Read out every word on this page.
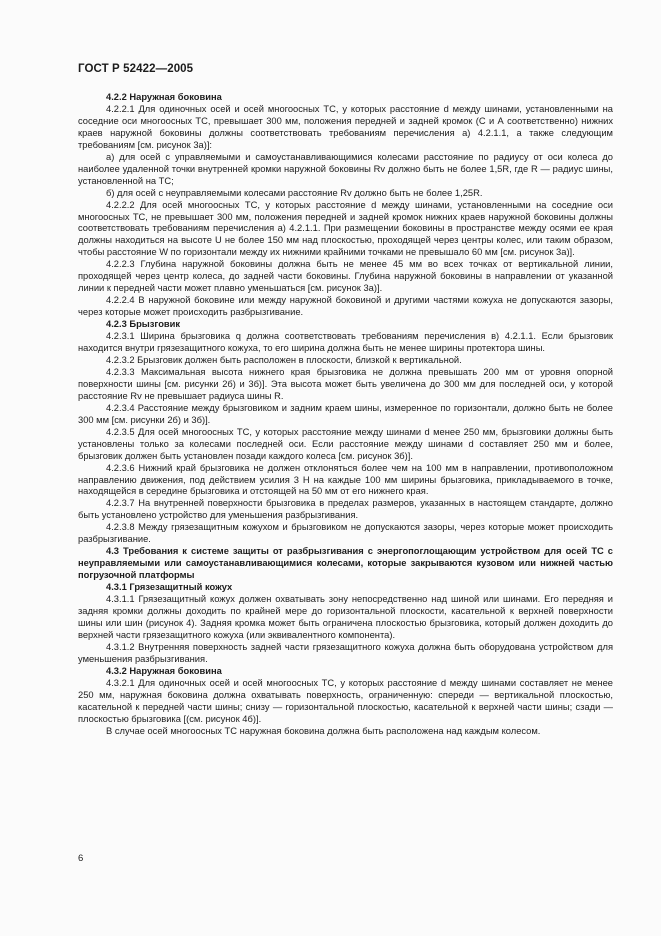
ГОСТ Р 52422—2005

4.2.2 Наружная боковина

4.2.2.1 Для одиночных осей и осей многоосных ТС, у которых расстояние d между шинами, установленными на соседние оси многоосных ТС, превышает 300 мм, положения передней и задней кромок (С и А соответственно) нижних краев наружной боковины должны соответствовать требованиям перечисления а) 4.2.1.1, а также следующим требованиям [см. рисунок 3а)]:

а) для осей с управляемыми и самоустанавливающимися колесами расстояние по радиусу от оси колеса до наиболее удаленной точки внутренней кромки наружной боковины Rv должно быть не более 1,5R, где R — радиус шины, установленной на ТС;

б) для осей с неуправляемыми колесами расстояние Rv должно быть не более 1,25R.

4.2.2.2 Для осей многоосных ТС, у которых расстояние d между шинами, установленными на соседние оси многоосных ТС, не превышает 300 мм, положения передней и задней кромок нижних краев наружной боковины должны соответствовать требованиям перечисления а) 4.2.1.1. При размещении боковины в пространстве между осями ее края должны находиться на высоте U не более 150 мм над плоскостью, проходящей через центры колес, или таким образом, чтобы расстояние W по горизонтали между их нижними крайними точками не превышало 60 мм [см. рисунок 3а)].

4.2.2.3 Глубина наружной боковины должна быть не менее 45 мм во всех точках от вертикальной линии, проходящей через центр колеса, до задней части боковины. Глубина наружной боковины в направлении от указанной линии к передней части может плавно уменьшаться [см. рисунок 3а)].

4.2.2.4 В наружной боковине или между наружной боковиной и другими частями кожуха не допускаются зазоры, через которые может происходить разбрызгивание.

4.2.3 Брызговик

4.2.3.1 Ширина брызговика q должна соответствовать требованиям перечисления в) 4.2.1.1. Если брызговик находится внутри грязезащитного кожуха, то его ширина должна быть не менее ширины протектора шины.

4.2.3.2 Брызговик должен быть расположен в плоскости, близкой к вертикальной.

4.2.3.3 Максимальная высота нижнего края брызговика не должна превышать 200 мм от уровня опорной поверхности шины [см. рисунки 2б) и 3б)]. Эта высота может быть увеличена до 300 мм для последней оси, у которой расстояние Rv не превышает радиуса шины R.

4.2.3.4 Расстояние между брызговиком и задним краем шины, измеренное по горизонтали, должно быть не более 300 мм [см. рисунки 2б) и 3б)].

4.2.3.5 Для осей многоосных ТС, у которых расстояние между шинами d менее 250 мм, брызговики должны быть установлены только за колесами последней оси. Если расстояние между шинами d составляет 250 мм и более, брызговик должен быть установлен позади каждого колеса [см. рисунок 3б)].

4.2.3.6 Нижний край брызговика не должен отклоняться более чем на 100 мм в направлении, противоположном направлению движения, под действием усилия 3 Н на каждые 100 мм ширины брызговика, прикладываемого в точке, находящейся в середине брызговика и отстоящей на 50 мм от его нижнего края.

4.2.3.7 На внутренней поверхности брызговика в пределах размеров, указанных в настоящем стандарте, должно быть установлено устройство для уменьшения разбрызгивания.

4.2.3.8 Между грязезащитным кожухом и брызговиком не допускаются зазоры, через которые может происходить разбрызгивание.

4.3 Требования к системе защиты от разбрызгивания с энергопоглощающим устройством для осей ТС с неуправляемыми или самоустанавливающимися колесами, которые закрываются кузовом или нижней частью погрузочной платформы

4.3.1 Грязезащитный кожух

4.3.1.1 Грязезащитный кожух должен охватывать зону непосредственно над шиной или шинами. Его передняя и задняя кромки должны доходить по крайней мере до горизонтальной плоскости, касательной к верхней поверхности шины или шин (рисунок 4). Задняя кромка может быть ограничена плоскостью брызговика, который должен доходить до верхней части грязезащитного кожуха (или эквивалентного компонента).

4.3.1.2 Внутренняя поверхность задней части грязезащитного кожуха должна быть оборудована устройством для уменьшения разбрызгивания.

4.3.2 Наружная боковина

4.3.2.1 Для одиночных осей и осей многоосных ТС, у которых расстояние d между шинами составляет не менее 250 мм, наружная боковина должна охватывать поверхность, ограниченную: спереди — вертикальной плоскостью, касательной к передней части шины; снизу — горизонтальной плоскостью, касательной к верхней части шины; сзади — плоскостью брызговика [(см. рисунок 4б)].

В случае осей многоосных ТС наружная боковина должна быть расположена над каждым колесом.

6
